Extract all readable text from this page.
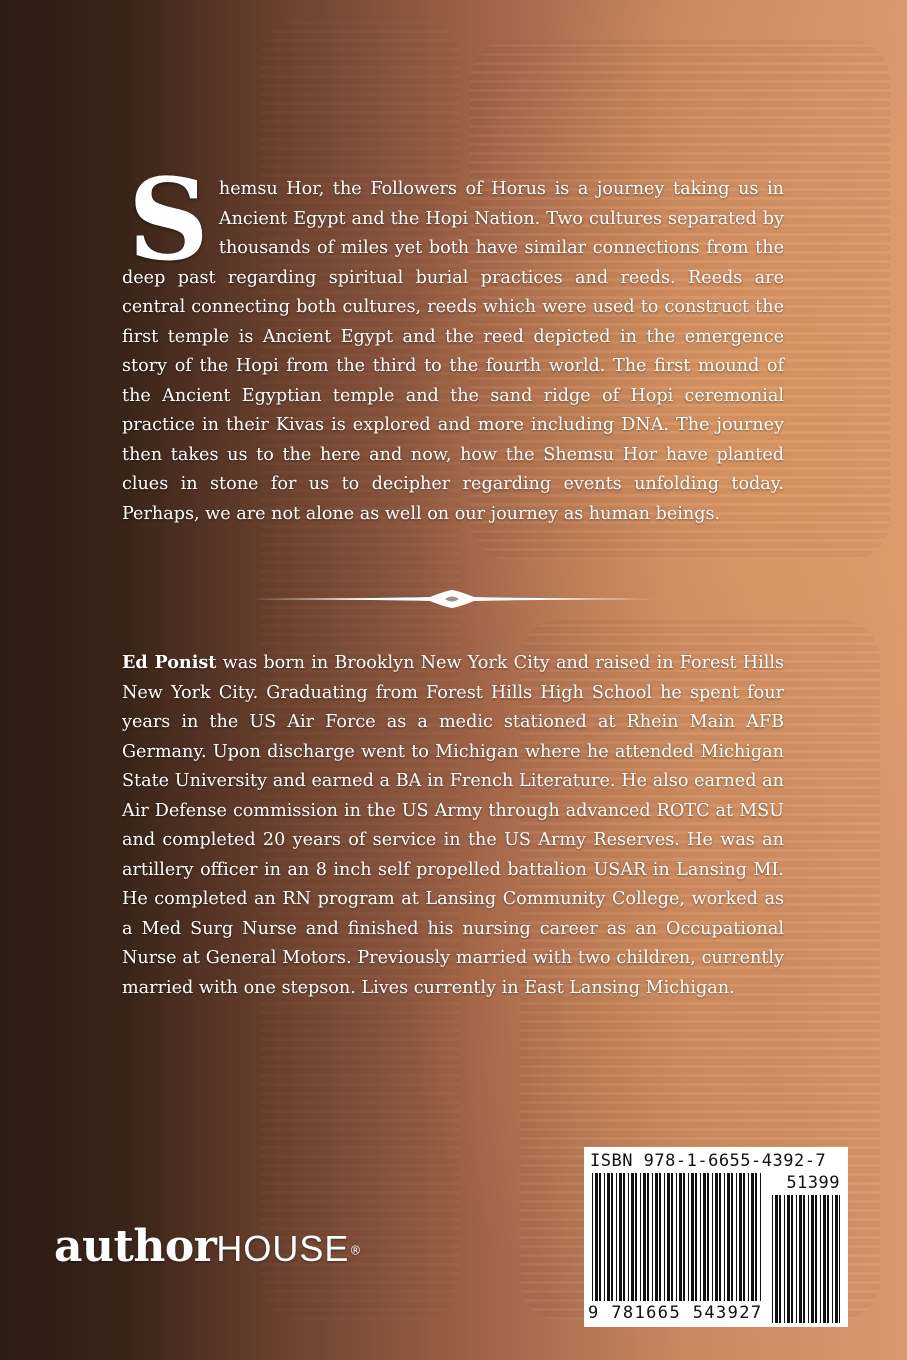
Shemsu Hor, the Followers of Horus is a journey taking us in Ancient Egypt and the Hopi Nation. Two cultures separated by thousands of miles yet both have similar connections from the deep past regarding spiritual burial practices and reeds. Reeds are central connecting both cultures, reeds which were used to construct the first temple is Ancient Egypt and the reed depicted in the emergence story of the Hopi from the third to the fourth world. The first mound of the Ancient Egyptian temple and the sand ridge of Hopi ceremonial practice in their Kivas is explored and more including DNA. The journey then takes us to the here and now, how the Shemsu Hor have planted clues in stone for us to decipher regarding events unfolding today. Perhaps, we are not alone as well on our journey as human beings.

Ed Ponist was born in Brooklyn New York City and raised in Forest Hills New York City. Graduating from Forest Hills High School he spent four years in the US Air Force as a medic stationed at Rhein Main AFB Germany. Upon discharge went to Michigan where he attended Michigan State University and earned a BA in French Literature. He also earned an Air Defense commission in the US Army through advanced ROTC at MSU and completed 20 years of service in the US Army Reserves. He was an artillery officer in an 8 inch self propelled battalion USAR in Lansing MI. He completed an RN program at Lansing Community College, worked as a Med Surg Nurse and finished his nursing career as an Occupational Nurse at General Motors. Previously married with two children, currently married with one stepson. Lives currently in East Lansing Michigan.

authorHOUSE®
ISBN 978-1-6655-4392-7
51399
9 781665 543927
